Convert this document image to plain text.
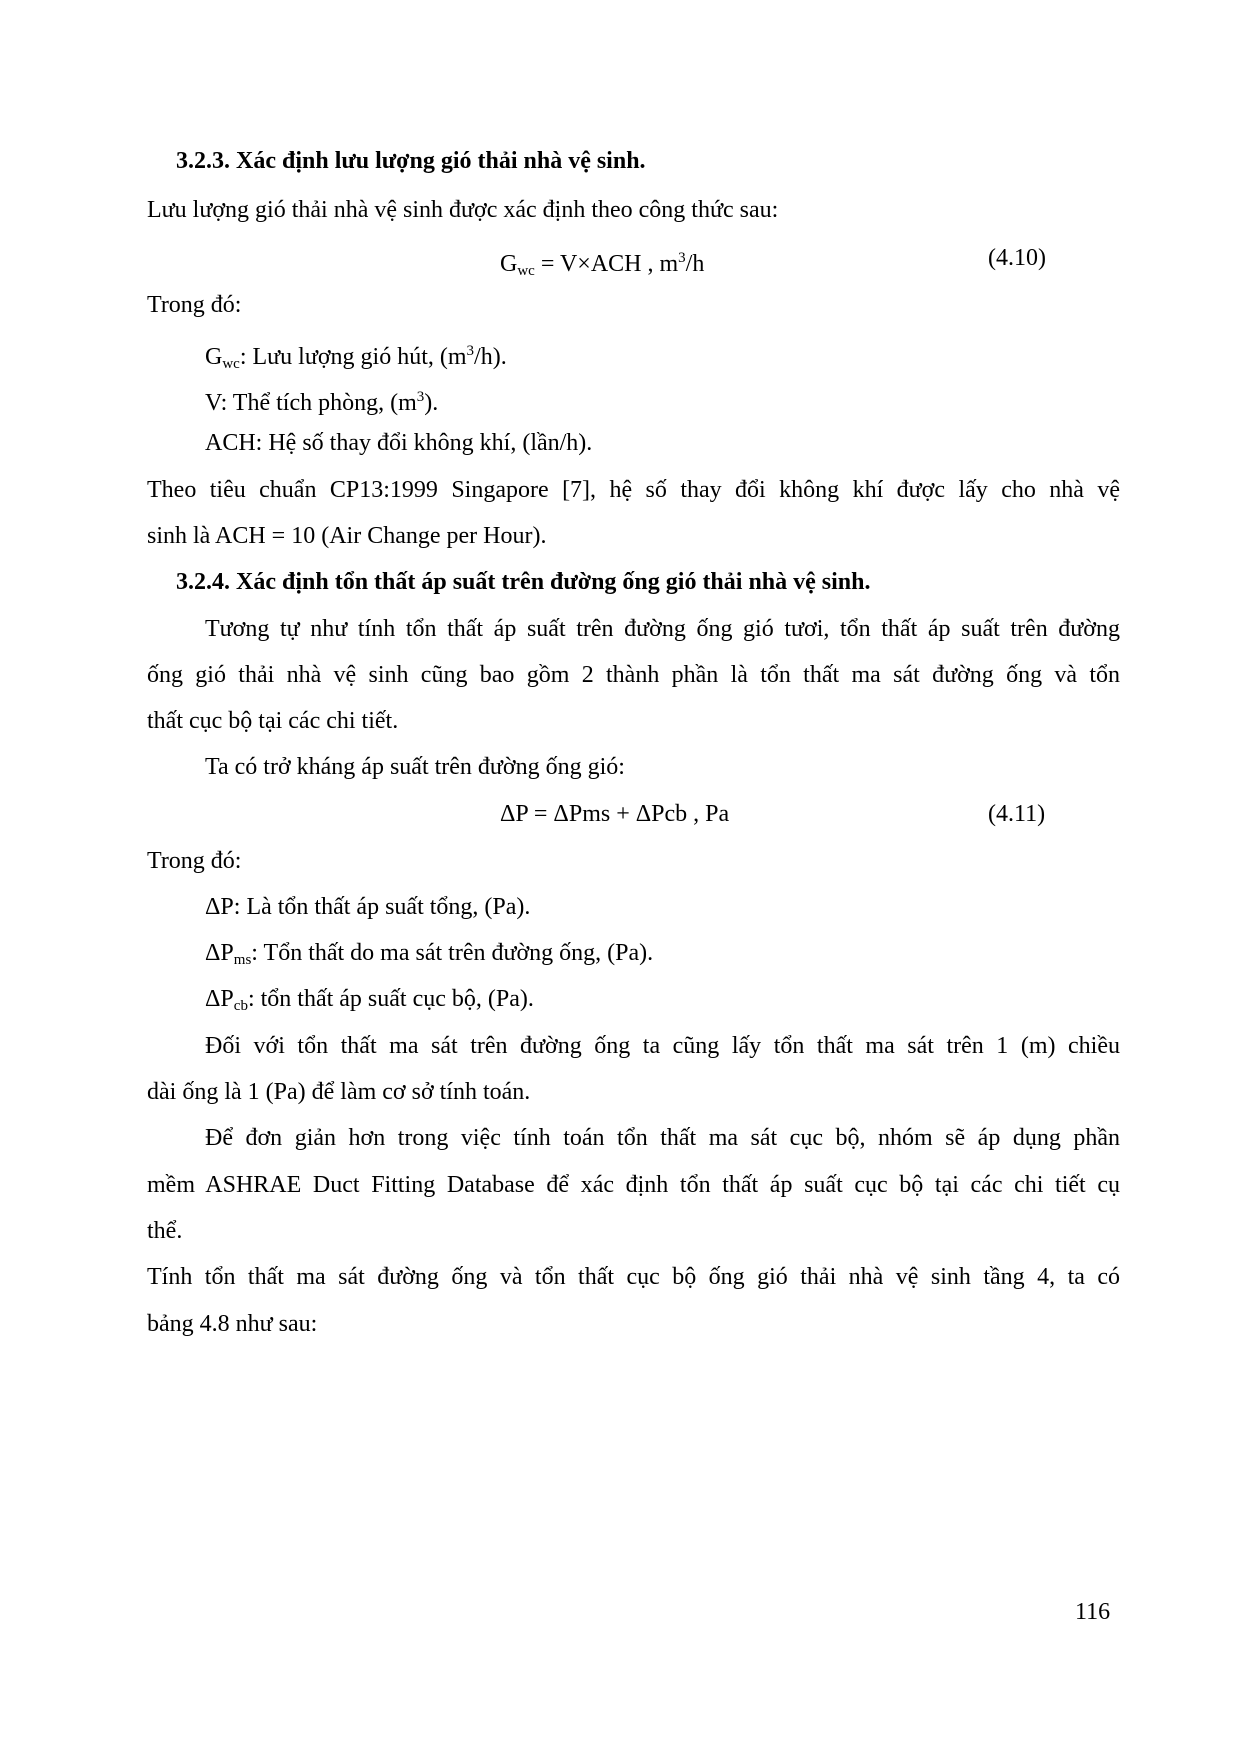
3.2.3. Xác định lưu lượng gió thải nhà vệ sinh.
Lưu lượng gió thải nhà vệ sinh được xác định theo công thức sau:
$G_{wc} = V\times ACH$ , $m^3/h$	(4.10)
Trong đó:
$G_{wc}$: Lưu lượng gió hút, $(m^3/h)$.
V: Thể tích phòng, $(m^3)$.
ACH: Hệ số thay đổi không khí, (lần/h).
Theo tiêu chuẩn CP13:1999 Singapore [7], hệ số thay đổi không khí được lấy cho nhà vệ
sinh là ACH = 10 (Air Change per Hour).
3.2.4. Xác định tổn thất áp suất trên đường ống gió thải nhà vệ sinh.
Tương tự như tính tổn thất áp suất trên đường ống gió tươi, tổn thất áp suất trên đường
ống gió thải nhà vệ sinh cũng bao gồm 2 thành phần là tổn thất ma sát đường ống và tổn
thất cục bộ tại các chi tiết.
Ta có trở kháng áp suất trên đường ống gió:
ΔP = ΔPms + ΔPcb , Pa	(4.11)
Trong đó:
ΔP: Là tổn thất áp suất tổng, (Pa).
$\Delta P_{ms}$: Tổn thất do ma sát trên đường ống, (Pa).
$\Delta P_{cb}$: tổn thất áp suất cục bộ, (Pa).
Đối với tổn thất ma sát trên đường ống ta cũng lấy tổn thất ma sát trên 1 (m) chiều
dài ống là 1 (Pa) để làm cơ sở tính toán.
Để đơn giản hơn trong việc tính toán tổn thất ma sát cục bộ, nhóm sẽ áp dụng phần
mềm ASHRAE Duct Fitting Database để xác định tổn thất áp suất cục bộ tại các chi tiết cụ
thể.
Tính tổn thất ma sát đường ống và tổn thất cục bộ ống gió thải nhà vệ sinh tầng 4, ta có
bảng 4.8 như sau:
116
